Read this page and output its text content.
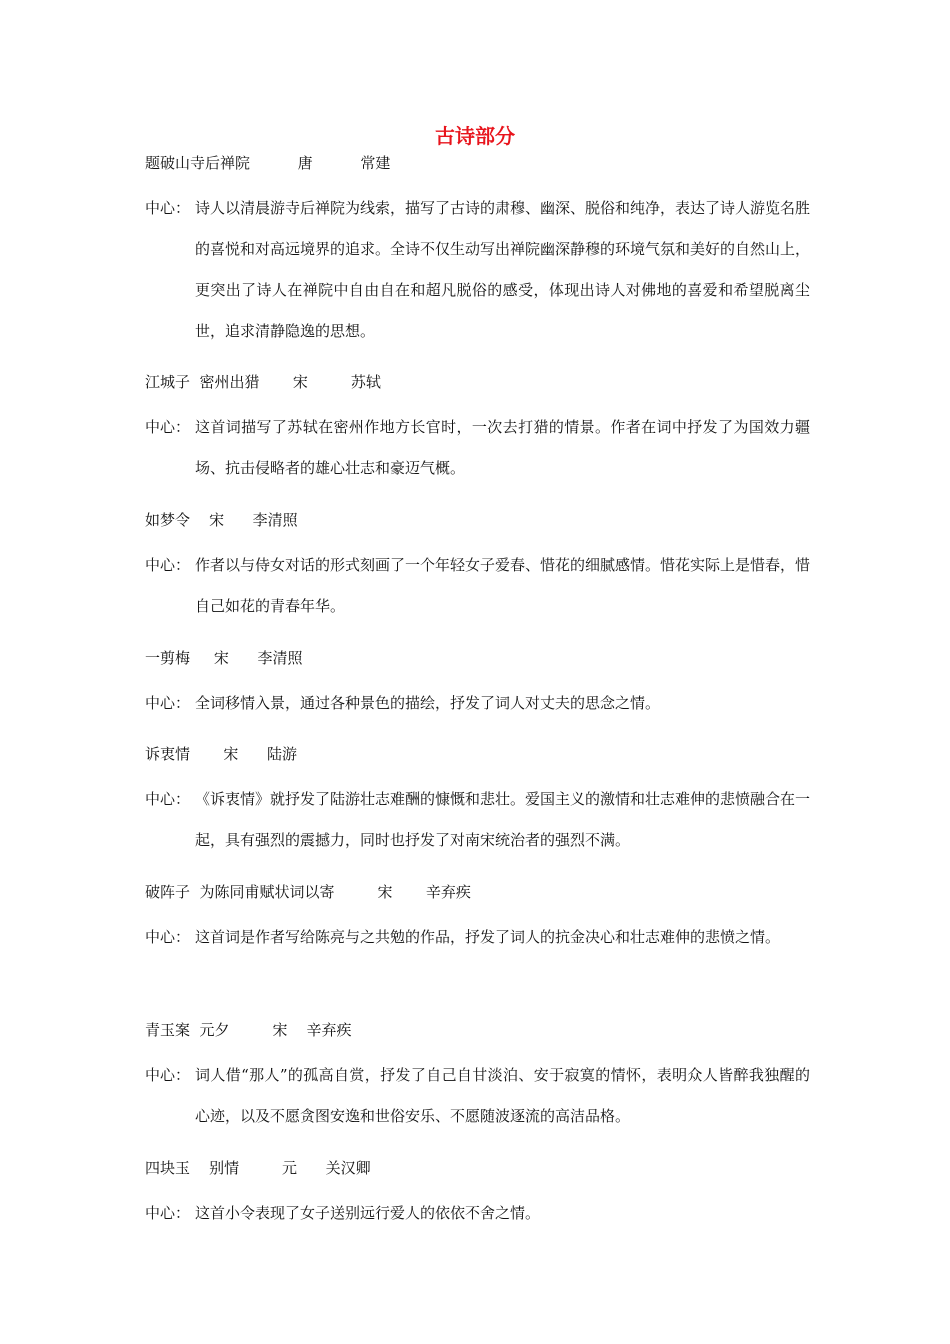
古诗部分
题破山寺后禅院          唐          常建
中心： 诗人以清晨游寺后禅院为线索，描写了古诗的肃穆、幽深、脱俗和纯净，表达了诗人游览名胜的喜悦和对高远境界的追求。全诗不仅生动写出禅院幽深静穆的环境气氛和美好的自然山上，更突出了诗人在禅院中自由自在和超凡脱俗的感受，体现出诗人对佛地的喜爱和希望脱离尘世，追求清静隐逸的思想。
江城子  密州出猎       宋         苏轼
中心： 这首词描写了苏轼在密州作地方长官时，一次去打猎的情景。作者在词中抒发了为国效力疆场、抗击侵略者的雄心壮志和豪迈气概。
如梦令    宋      李清照
中心： 作者以与侍女对话的形式刻画了一个年轻女子爱春、惜花的细腻感情。惜花实际上是惜春，惜自己如花的青春年华。
一剪梅     宋      李清照
中心： 全词移情入景，通过各种景色的描绘，抒发了词人对丈夫的思念之情。
诉衷情       宋      陆游
中心： 《诉衷情》就抒发了陆游壮志难酬的慷慨和悲壮。爱国主义的激情和壮志难伸的悲愤融合在一起，具有强烈的震撼力，同时也抒发了对南宋统治者的强烈不满。
破阵子  为陈同甫赋状词以寄         宋       辛弃疾
中心： 这首词是作者写给陈亮与之共勉的作品，抒发了词人的抗金决心和壮志难伸的悲愤之情。
青玉案  元夕         宋    辛弃疾
中心： 词人借“那人”的孤高自赏，抒发了自己自甘淡泊、安于寂寞的情怀，表明众人皆醉我独醒的心迹，以及不愿贪图安逸和世俗安乐、不愿随波逐流的高洁品格。
四块玉    别情         元      关汉卿
中心： 这首小令表现了女子送别远行爱人的依依不舍之情。
